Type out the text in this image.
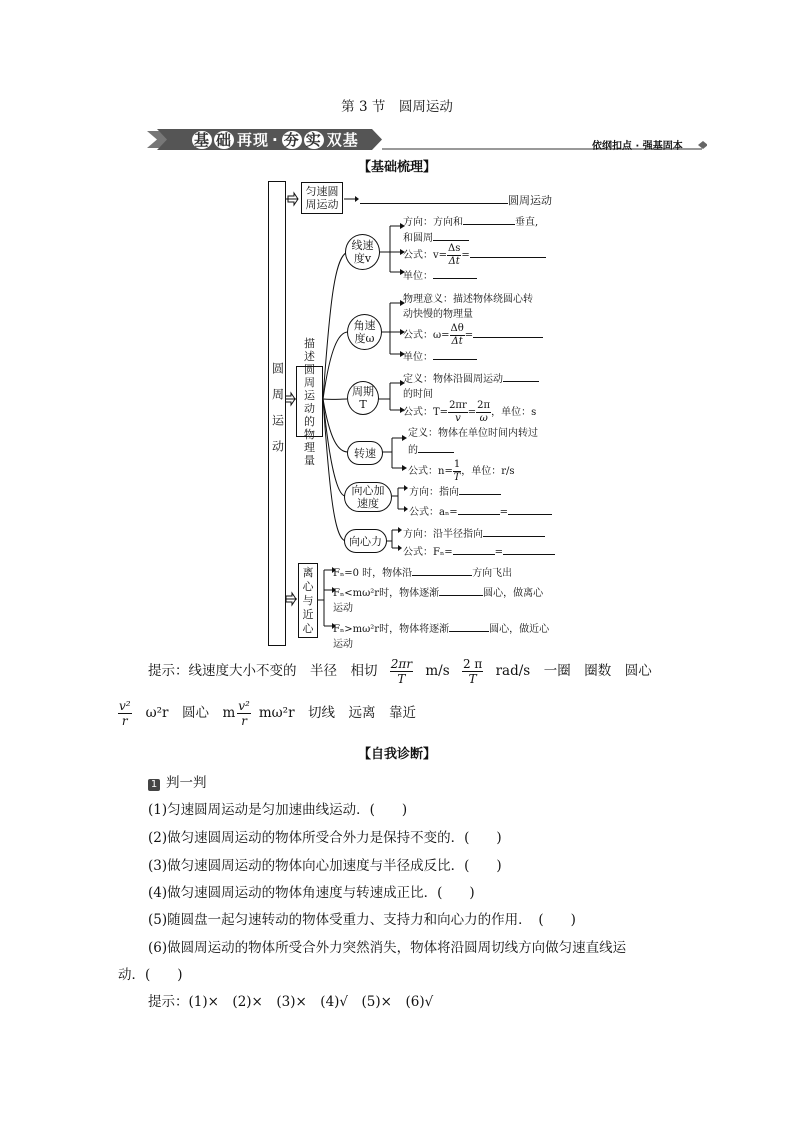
第 3 节　圆周运动
基 础 再现 · 夯 实 双基	依纲扣点 · 强基固本
【基础梳理】
圆周运动
匀速圆周运动	圆周运动
描述圆周运动的物理量
线速度v
方向：方向和	垂直,
和圆周
公式：$v= \frac{\Delta s}{\Delta t}$ =
单位：
角速度ω
物理意义：描述物体绕圆心转
动快慢的物理量
公式：$\omega= \frac{\Delta\theta}{\Delta t}$ =
单位：
周期T
定义：物体沿圆周运动
的时间
公式：$T= \frac{2\pi r}{v} = \frac{2\pi}{\omega}$ ，单位：s
转速
定义：物体在单位时间内转过
的
公式：$n= \frac{1}{T}$ ，单位：r/s
向心加速度
方向：指向
公式：aₙ=	=
向心力	方向：沿半径指向
公式：Fₙ=	=
离心与近心
Fₙ=0 时，物体沿	方向飞出
Fₙ<mω²r时，物体逐渐	圆心，做离心
运动
Fₙ>mω²r时，物体将逐渐	圆心，做近心
运动
提示：线速度大小不变的　半径　相切 $\frac{2\pi r}{T} m/s \frac{2 \pi}{T} rad/s$　一圈　圈数　圆心
$\frac{\text{v²}}{r} \omega^2r$　圆心　m $\frac{\text{v²}}{r} m\omega^2r$　切线　远离　靠近
【自我诊断】
1 判一判
(1)匀速圆周运动是匀加速曲线运动．(　　)
(2)做匀速圆周运动的物体所受合外力是保持不变的．(　　)
(3)做匀速圆周运动的物体向心加速度与半径成反比．(　　)
(4)做匀速圆周运动的物体角速度与转速成正比．(　　)
(5)随圆盘一起匀速转动的物体受重力、支持力和向心力的作用．　(　　)
(6)做圆周运动的物体所受合外力突然消失，物体将沿圆周切线方向做匀速直线运
动．(　　)
提示：(1)×　(2)×　(3)×　(4)√　(5)×　(6)√
